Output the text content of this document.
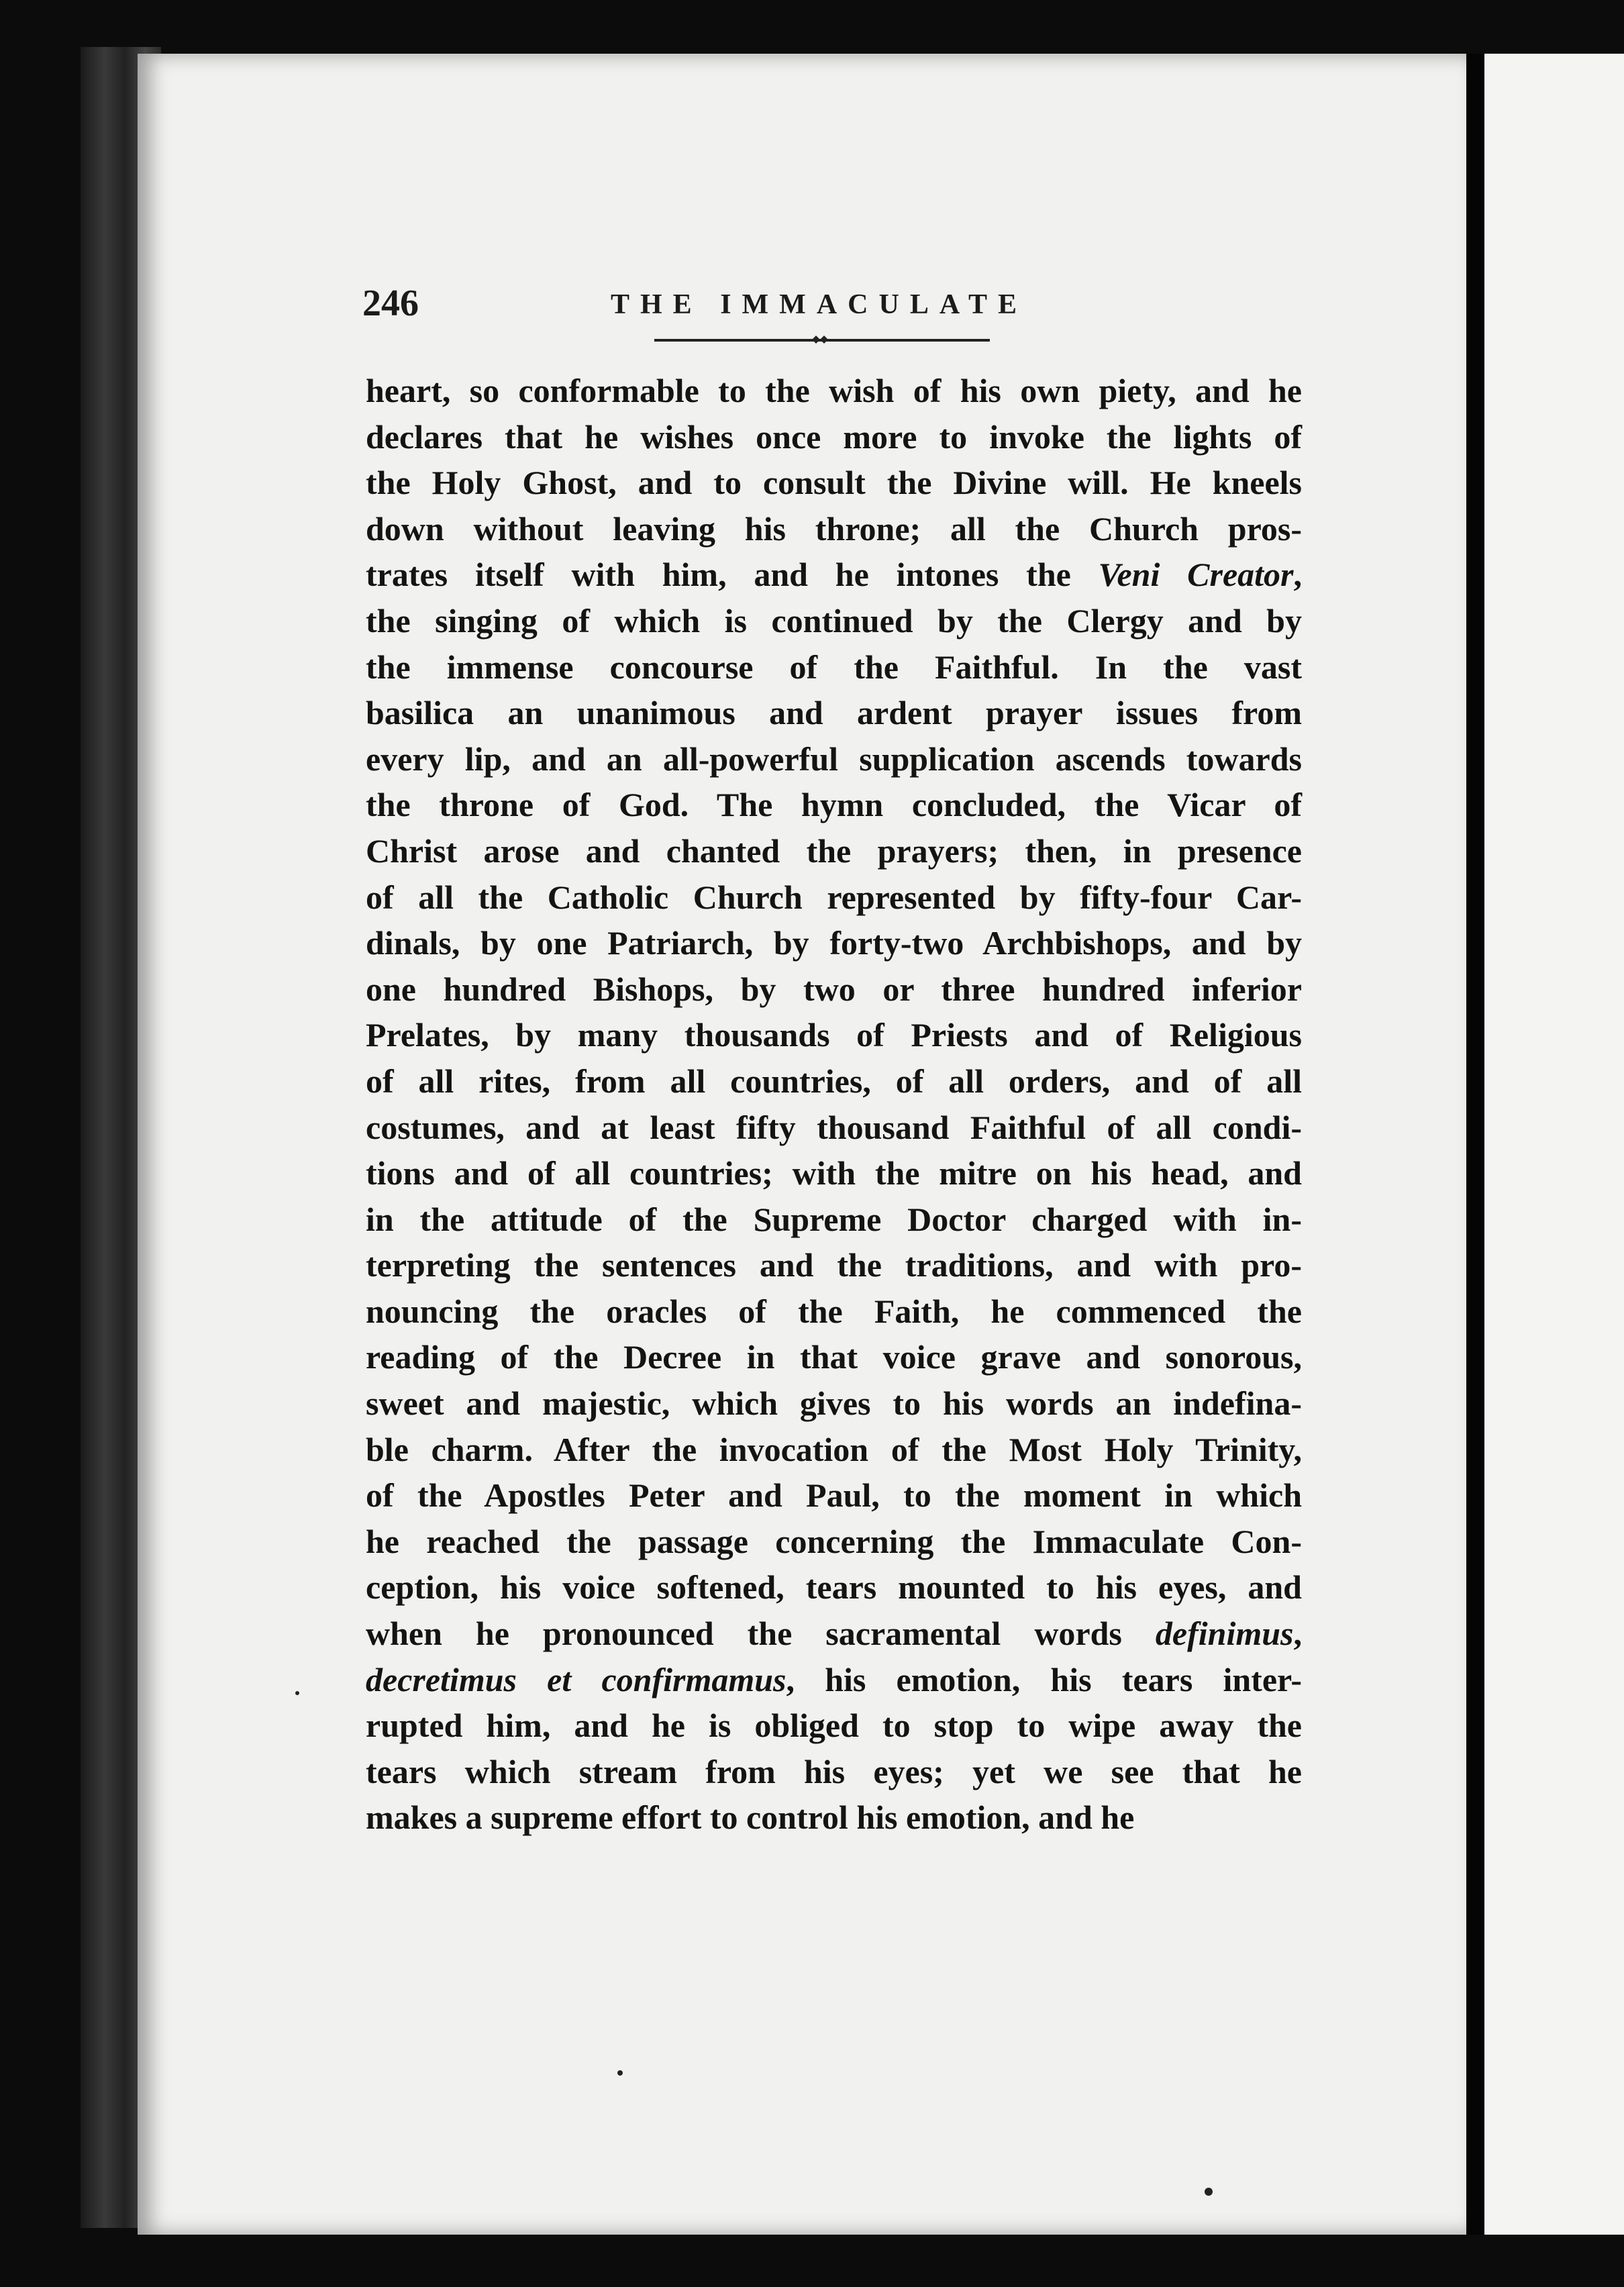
246	THE IMMACULATE
heart, so conformable to the wish of his own piety, and he
declares that he wishes once more to invoke the lights of
the Holy Ghost, and to consult the Divine will. He kneels
down without leaving his throne; all the Church pros-
trates itself with him, and he intones the Veni Creator,
the singing of which is continued by the Clergy and by
the immense concourse of the Faithful. In the vast
basilica an unanimous and ardent prayer issues from
every lip, and an all-powerful supplication ascends towards
the throne of God. The hymn concluded, the Vicar of
Christ arose and chanted the prayers; then, in presence
of all the Catholic Church represented by fifty-four Car-
dinals, by one Patriarch, by forty-two Archbishops, and by
one hundred Bishops, by two or three hundred inferior
Prelates, by many thousands of Priests and of Religious
of all rites, from all countries, of all orders, and of all
costumes, and at least fifty thousand Faithful of all condi-
tions and of all countries; with the mitre on his head, and
in the attitude of the Supreme Doctor charged with in-
terpreting the sentences and the traditions, and with pro-
nouncing the oracles of the Faith, he commenced the
reading of the Decree in that voice grave and sonorous,
sweet and majestic, which gives to his words an indefina-
ble charm. After the invocation of the Most Holy Trinity,
of the Apostles Peter and Paul, to the moment in which
he reached the passage concerning the Immaculate Con-
ception, his voice softened, tears mounted to his eyes, and
when he pronounced the sacramental words definimus,
decretimus et confirmamus, his emotion, his tears inter-
rupted him, and he is obliged to stop to wipe away the
tears which stream from his eyes; yet we see that he
makes a supreme effort to control his emotion, and he
